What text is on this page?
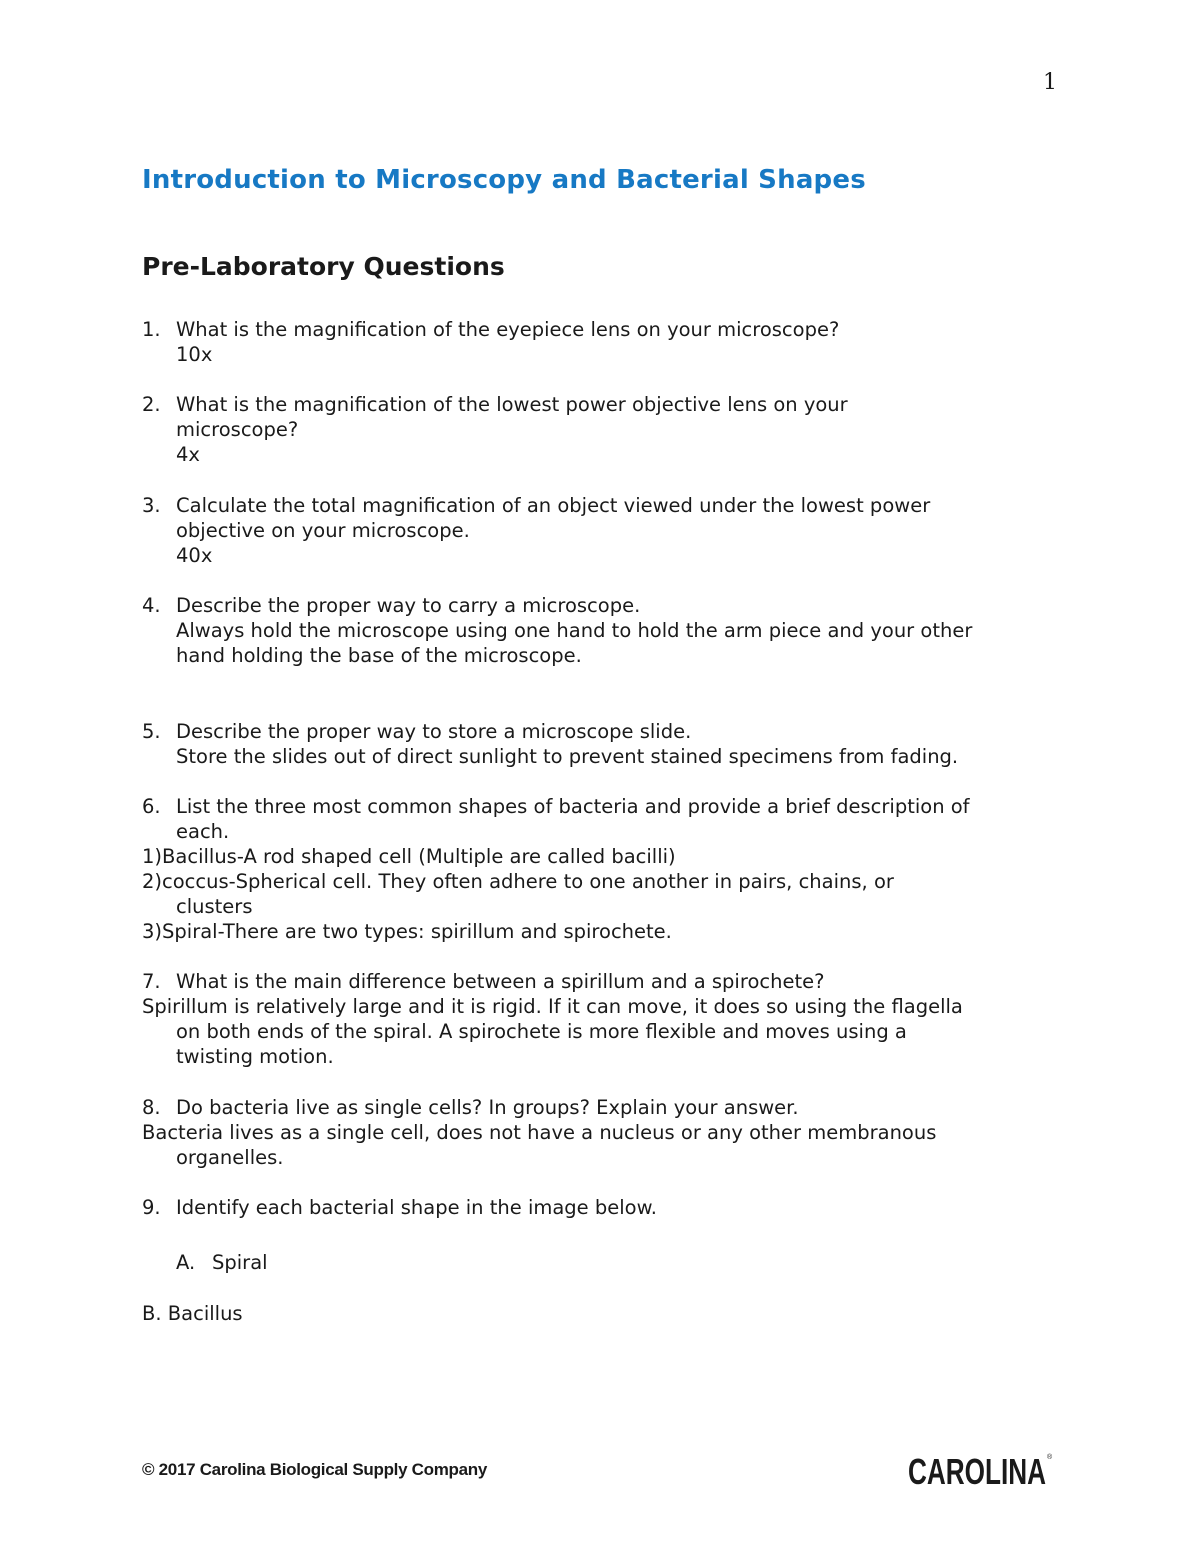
1
Introduction to Microscopy and Bacterial Shapes
Pre-Laboratory Questions
1. What is the magnification of the eyepiece lens on your microscope?
10x
2. What is the magnification of the lowest power objective lens on your
microscope?
4x
3. Calculate the total magnification of an object viewed under the lowest power
objective on your microscope.
40x
4. Describe the proper way to carry a microscope.
Always hold the microscope using one hand to hold the arm piece and your other
hand holding the base of the microscope.
5. Describe the proper way to store a microscope slide.
Store the slides out of direct sunlight to prevent stained specimens from fading.
6. List the three most common shapes of bacteria and provide a brief description of
each.
1)Bacillus-A rod shaped cell (Multiple are called bacilli)
2)coccus-Spherical cell. They often adhere to one another in pairs, chains, or
clusters
3)Spiral-There are two types: spirillum and spirochete.
7. What is the main difference between a spirillum and a spirochete?
Spirillum is relatively large and it is rigid. If it can move, it does so using the flagella
on both ends of the spiral. A spirochete is more flexible and moves using a
twisting motion.
8. Do bacteria live as single cells? In groups? Explain your answer.
Bacteria lives as a single cell, does not have a nucleus or any other membranous
organelles.
9. Identify each bacterial shape in the image below.
A. Spiral
B. Bacillus
© 2017 Carolina Biological Supply Company	CAROLINA ®
